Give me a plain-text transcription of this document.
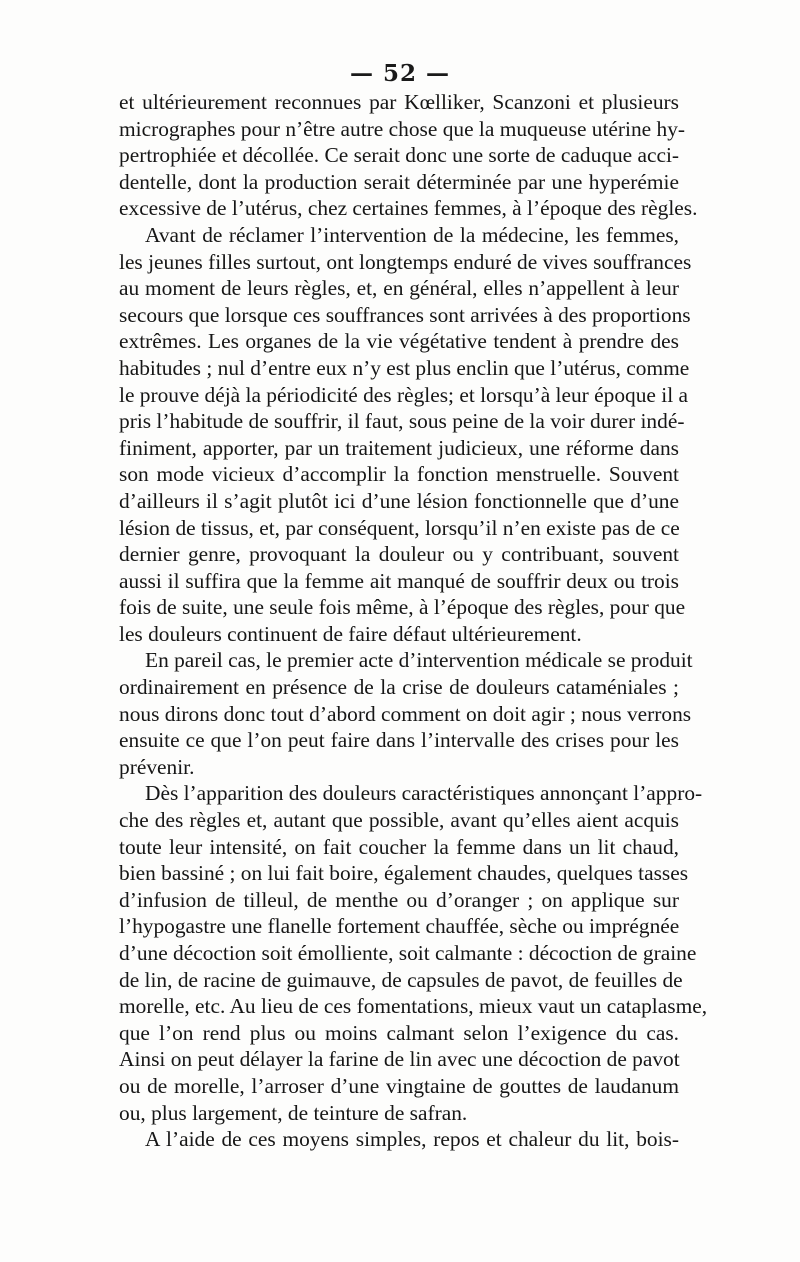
— 52 —

et ultérieurement reconnues par Kœlliker, Scanzoni et plusieurs
micrographes pour n’être autre chose que la muqueuse utérine hy-
pertrophiée et décollée. Ce serait donc une sorte de caduque acci-
dentelle, dont la production serait déterminée par une hyperémie
excessive de l’utérus, chez certaines femmes, à l’époque des règles.

Avant de réclamer l’intervention de la médecine, les femmes,
les jeunes filles surtout, ont longtemps enduré de vives souffrances
au moment de leurs règles, et, en général, elles n’appellent à leur
secours que lorsque ces souffrances sont arrivées à des proportions
extrêmes. Les organes de la vie végétative tendent à prendre des
habitudes ; nul d’entre eux n’y est plus enclin que l’utérus, comme
le prouve déjà la périodicité des règles; et lorsqu’à leur époque il a
pris l’habitude de souffrir, il faut, sous peine de la voir durer indé-
finiment, apporter, par un traitement judicieux, une réforme dans
son mode vicieux d’accomplir la fonction menstruelle. Souvent
d’ailleurs il s’agit plutôt ici d’une lésion fonctionnelle que d’une
lésion de tissus, et, par conséquent, lorsqu’il n’en existe pas de ce
dernier genre, provoquant la douleur ou y contribuant, souvent
aussi il suffira que la femme ait manqué de souffrir deux ou trois
fois de suite, une seule fois même, à l’époque des règles, pour que
les douleurs continuent de faire défaut ultérieurement.

En pareil cas, le premier acte d’intervention médicale se produit
ordinairement en présence de la crise de douleurs cataméniales ;
nous dirons donc tout d’abord comment on doit agir ; nous verrons
ensuite ce que l’on peut faire dans l’intervalle des crises pour les
prévenir.

Dès l’apparition des douleurs caractéristiques annonçant l’appro-
che des règles et, autant que possible, avant qu’elles aient acquis
toute leur intensité, on fait coucher la femme dans un lit chaud,
bien bassiné ; on lui fait boire, également chaudes, quelques tasses
d’infusion de tilleul, de menthe ou d’oranger ; on applique sur
l’hypogastre une flanelle fortement chauffée, sèche ou imprégnée
d’une décoction soit émolliente, soit calmante : décoction de graine
de lin, de racine de guimauve, de capsules de pavot, de feuilles de
morelle, etc. Au lieu de ces fomentations, mieux vaut un cataplasme,
que l’on rend plus ou moins calmant selon l’exigence du cas.
Ainsi on peut délayer la farine de lin avec une décoction de pavot
ou de morelle, l’arroser d’une vingtaine de gouttes de laudanum
ou, plus largement, de teinture de safran.

A l’aide de ces moyens simples, repos et chaleur du lit, bois-
